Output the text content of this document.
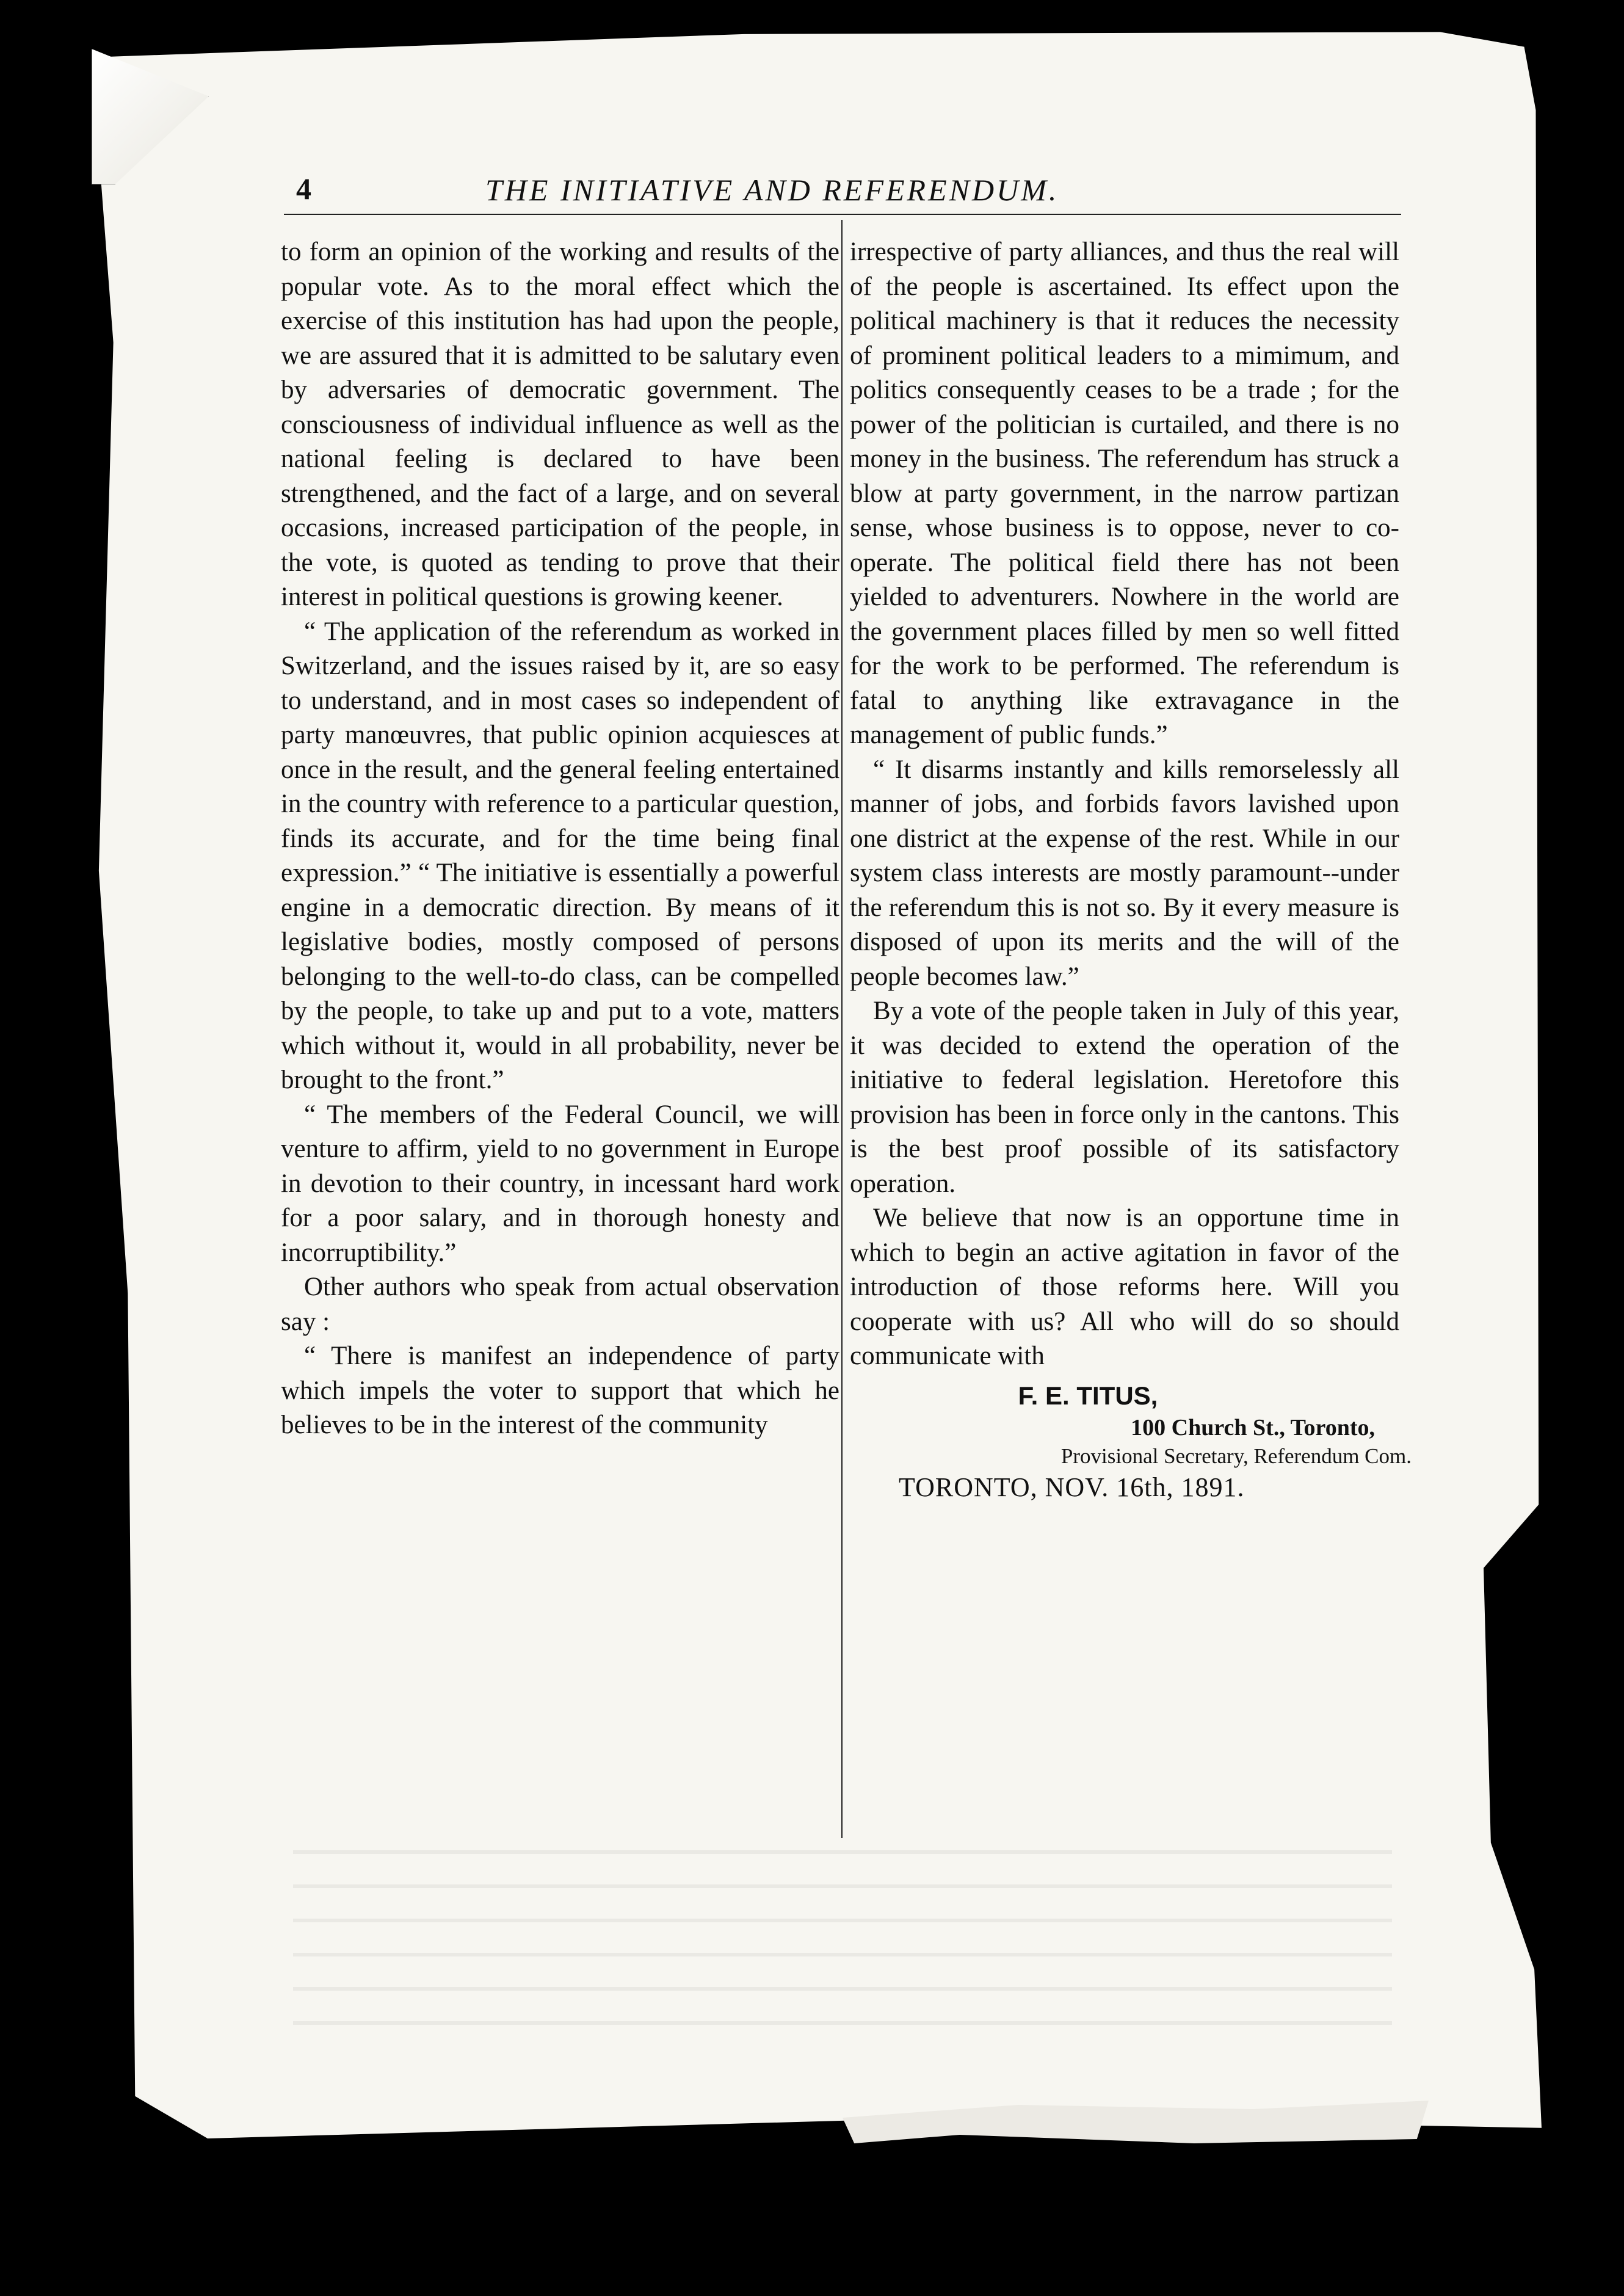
4	THE INITIATIVE AND REFERENDUM.

to form an opinion of the working and results of the popular vote. As to the moral effect which the exercise of this institution has had upon the people, we are assured that it is admitted to be salutary even by adversaries of democratic government. The consciousness of individual influence as well as the national feeling is declared to have been strengthened, and the fact of a large, and on several occasions, increased participation of the people, in the vote, is quoted as tending to prove that their interest in political questions is growing keener.

“ The application of the referendum as worked in Switzerland, and the issues raised by it, are so easy to understand, and in most cases so independent of party manœuvres, that public opinion acquiesces at once in the result, and the general feeling entertained in the country with reference to a particular question, finds its accurate, and for the time being final expression.” “ The initiative is essentially a powerful engine in a democratic direction. By means of it legislative bodies, mostly composed of persons belonging to the well-to-do class, can be compelled by the people, to take up and put to a vote, matters which without it, would in all probability, never be brought to the front.”

“ The members of the Federal Council, we will venture to affirm, yield to no government in Europe in devotion to their country, in incessant hard work for a poor salary, and in thorough honesty and incorruptibility.”

Other authors who speak from actual observation say :

“ There is manifest an independence of party which impels the voter to support that which he believes to be in the interest of the community

irrespective of party alliances, and thus the real will of the people is ascertained. Its effect upon the political machinery is that it reduces the necessity of prominent political leaders to a mimimum, and politics consequently ceases to be a trade ; for the power of the politician is curtailed, and there is no money in the business. The referendum has struck a blow at party government, in the narrow partizan sense, whose business is to oppose, never to co-operate. The political field there has not been yielded to adventurers. Nowhere in the world are the government places filled by men so well fitted for the work to be performed. The referendum is fatal to anything like extravagance in the management of public funds.”

“ It disarms instantly and kills remorselessly all manner of jobs, and forbids favors lavished upon one district at the expense of the rest. While in our system class interests are mostly paramount--under the referendum this is not so. By it every measure is disposed of upon its merits and the will of the people becomes law.”

By a vote of the people taken in July of this year, it was decided to extend the operation of the initiative to federal legislation. Heretofore this provision has been in force only in the cantons. This is the best proof possible of its satisfactory operation.

We believe that now is an opportune time in which to begin an active agitation in favor of the introduction of those reforms here. Will you cooperate with us? All who will do so should communicate with

F. E. TITUS,
100 Church St., Toronto,
Provisional Secretary, Referendum Com.
TORONTO, NOV. 16th, 1891.
